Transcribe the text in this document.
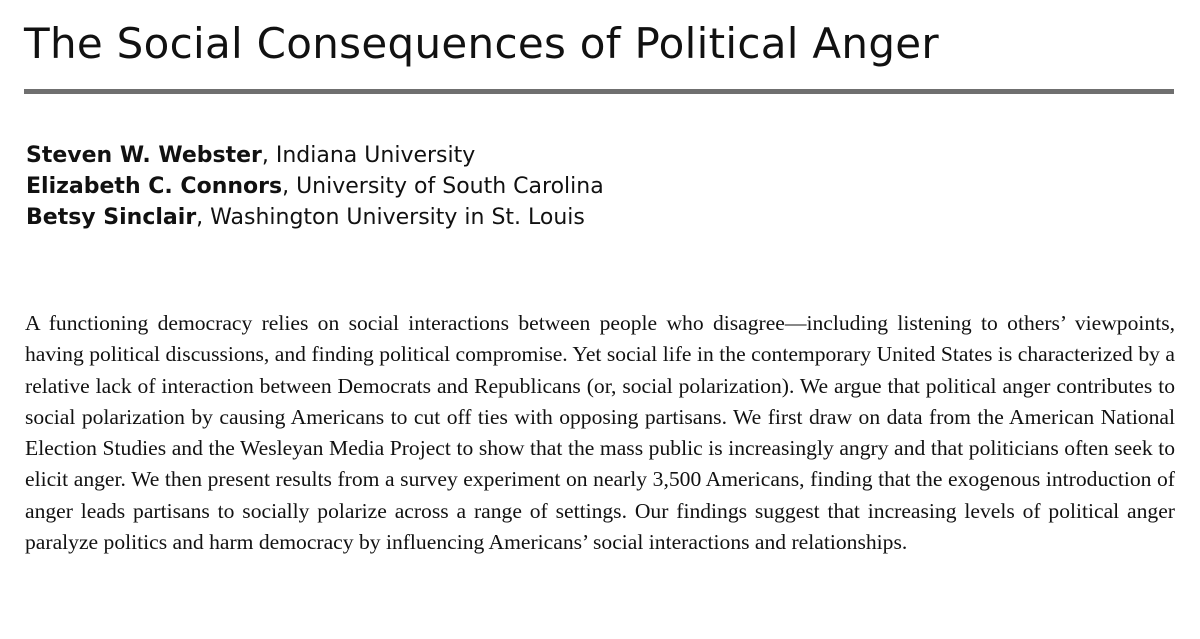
The Social Consequences of Political Anger
Steven W. Webster, Indiana University
Elizabeth C. Connors, University of South Carolina
Betsy Sinclair, Washington University in St. Louis

A functioning democracy relies on social interactions between people who disagree—including listening to others’ viewpoints, having political discussions, and finding political compromise. Yet social life in the contemporary United States is characterized by a relative lack of interaction between Democrats and Republicans (or, social polarization). We argue that political anger contributes to social polarization by causing Americans to cut off ties with opposing partisans. We first draw on data from the American National Election Studies and the Wesleyan Media Project to show that the mass public is increasingly angry and that politicians often seek to elicit anger. We then present results from a survey experiment on nearly 3,500 Americans, finding that the exogenous introduction of anger leads partisans to socially polarize across a range of settings. Our findings suggest that increasing levels of political anger paralyze politics and harm democracy by influencing Americans’ social interactions and relationships.
